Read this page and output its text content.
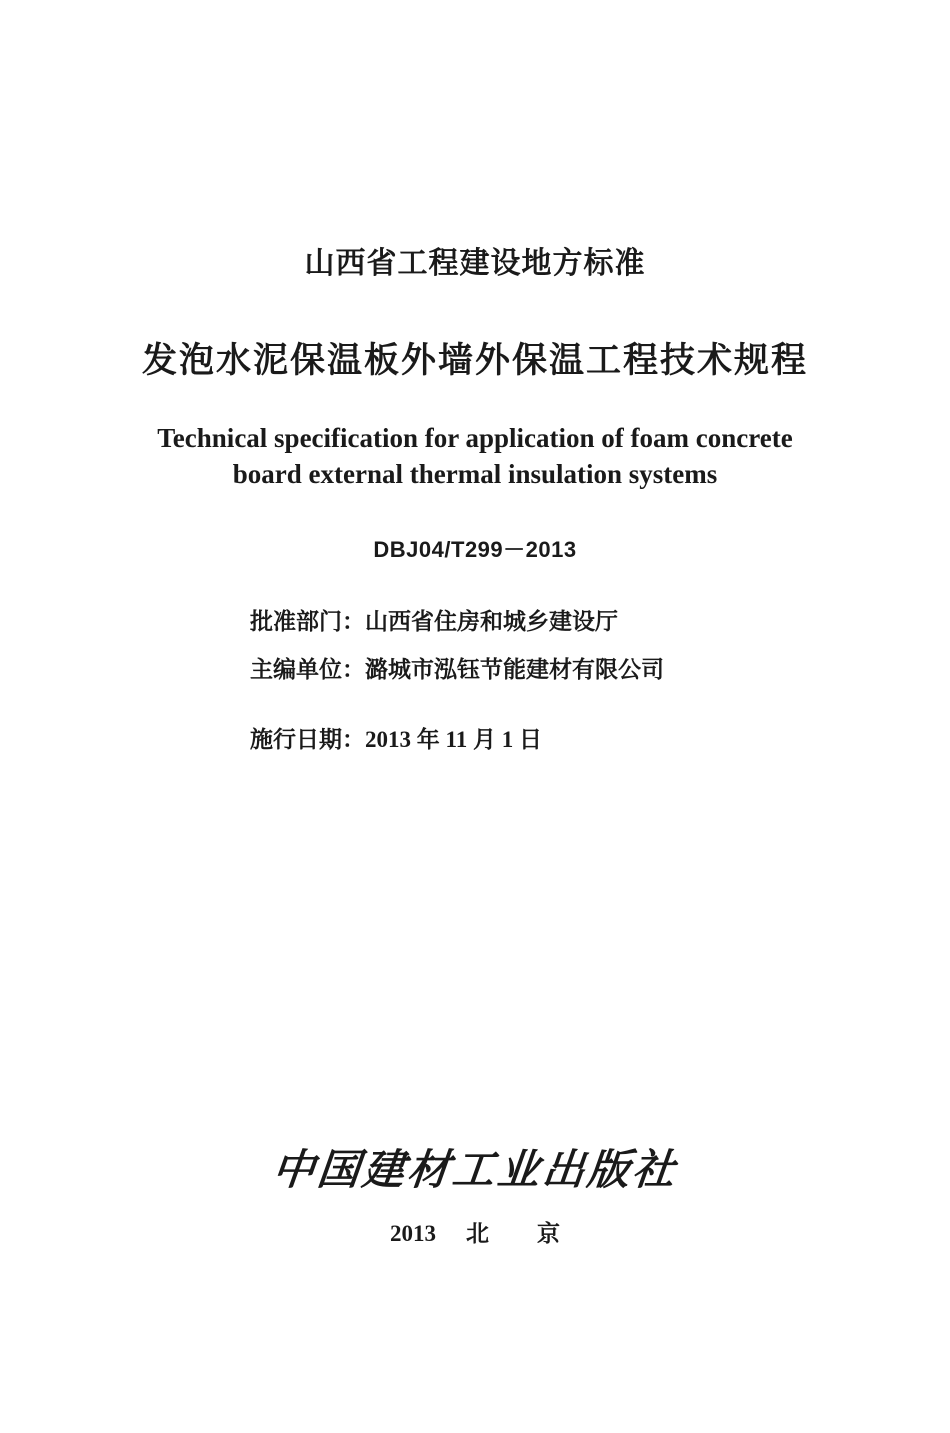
山西省工程建设地方标准
发泡水泥保温板外墙外保温工程技术规程
Technical specification for application of foam concrete
board external thermal insulation systems
DBJ04/T299－2013
批准部门：山西省住房和城乡建设厅
主编单位：潞城市泓钰节能建材有限公司
施行日期：2013 年 11 月 1 日
中国建材工业出版社
2013 北 京
